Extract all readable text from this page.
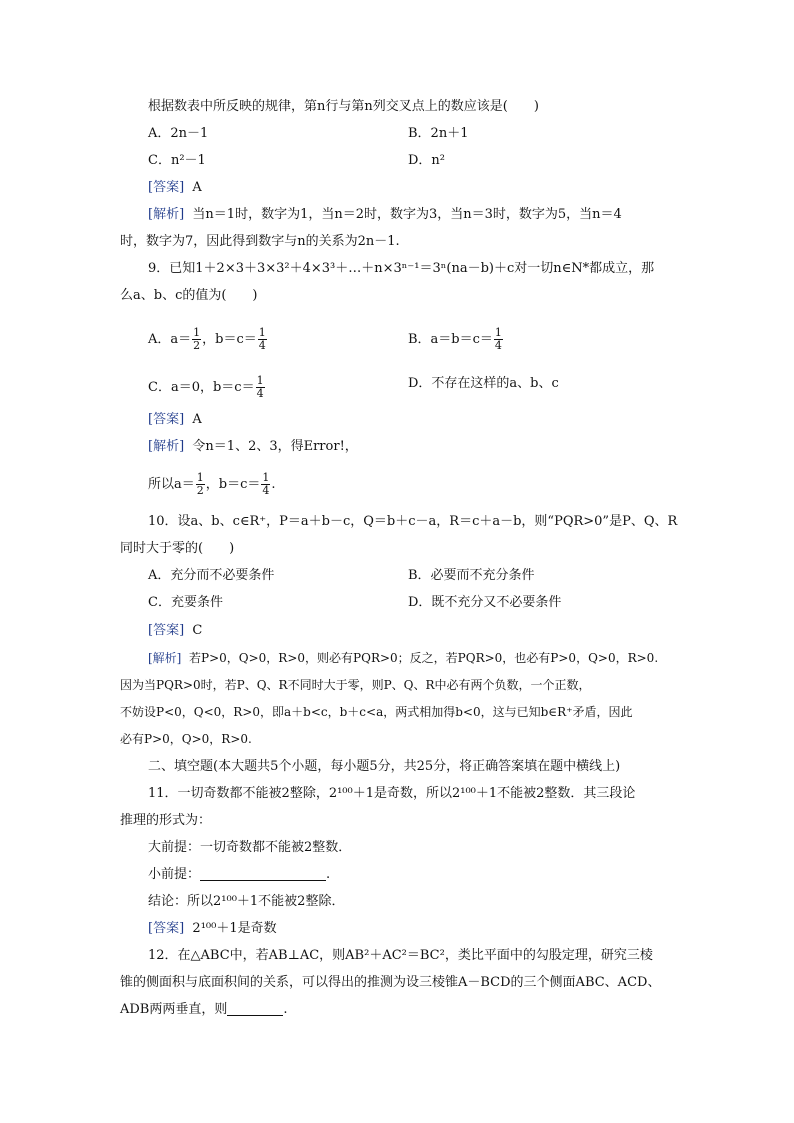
根据数表中所反映的规律，第n行与第n列交叉点上的数应该是(　　)
A．2n－1	B．2n＋1
C．n²－1	D．n²
[答案] A
[解析] 当n＝1时，数字为1，当n＝2时，数字为3，当n＝3时，数字为5，当n＝4
时，数字为7，因此得到数字与n的关系为2n－1.
9．已知1＋2×3＋3×3²＋4×3³＋…＋n×3ⁿ⁻¹＝3ⁿ(na－b)＋c对一切n∈N*都成立，那
么a、b、c的值为(　　)
A．$a= \frac{1}{2}$ ，$b=c= \frac{1}{4}$	B．$a=b=c= \frac{1}{4}$
C．a＝0，$b=c= \frac{1}{4}$	D．不存在这样的a、b、c
[答案] A
[解析] 令n＝1、2、3，得Error!，
所以$a= \frac{1}{2}$ ，$b=c= \frac{1}{4}$ .
10．设a、b、c∈R⁺，P＝a＋b－c，Q＝b＋c－a，R＝c＋a－b，则“PQR>0”是P、Q、R
同时大于零的(　　)
A．充分而不必要条件	B．必要而不充分条件
C．充要条件	D．既不充分又不必要条件
[答案] C
[解析] 若P>0，Q>0，R>0，则必有PQR>0；反之，若PQR>0，也必有P>0，Q>0，R>0.
因为当PQR>0时，若P、Q、R不同时大于零，则P、Q、R中必有两个负数，一个正数，
不妨设P<0，Q<0，R>0，即a＋b<c，b＋c<a，两式相加得b<0，这与已知b∈R⁺矛盾，因此
必有P>0，Q>0，R>0.
二、填空题(本大题共5个小题，每小题5分，共25分，将正确答案填在题中横线上)
11．一切奇数都不能被2整除，2¹⁰⁰＋1是奇数，所以2¹⁰⁰＋1不能被2整数．其三段论
推理的形式为：
大前提：一切奇数都不能被2整数．
小前提：	.
结论：所以2¹⁰⁰＋1不能被2整除．
[答案] 2¹⁰⁰＋1是奇数
12．在△ABC中，若AB⊥AC，则AB²＋AC²＝BC²，类比平面中的勾股定理，研究三棱
锥的侧面积与底面积间的关系，可以得出的推测为设三棱锥A－BCD的三个侧面ABC、ACD、
ADB两两垂直，则	.
